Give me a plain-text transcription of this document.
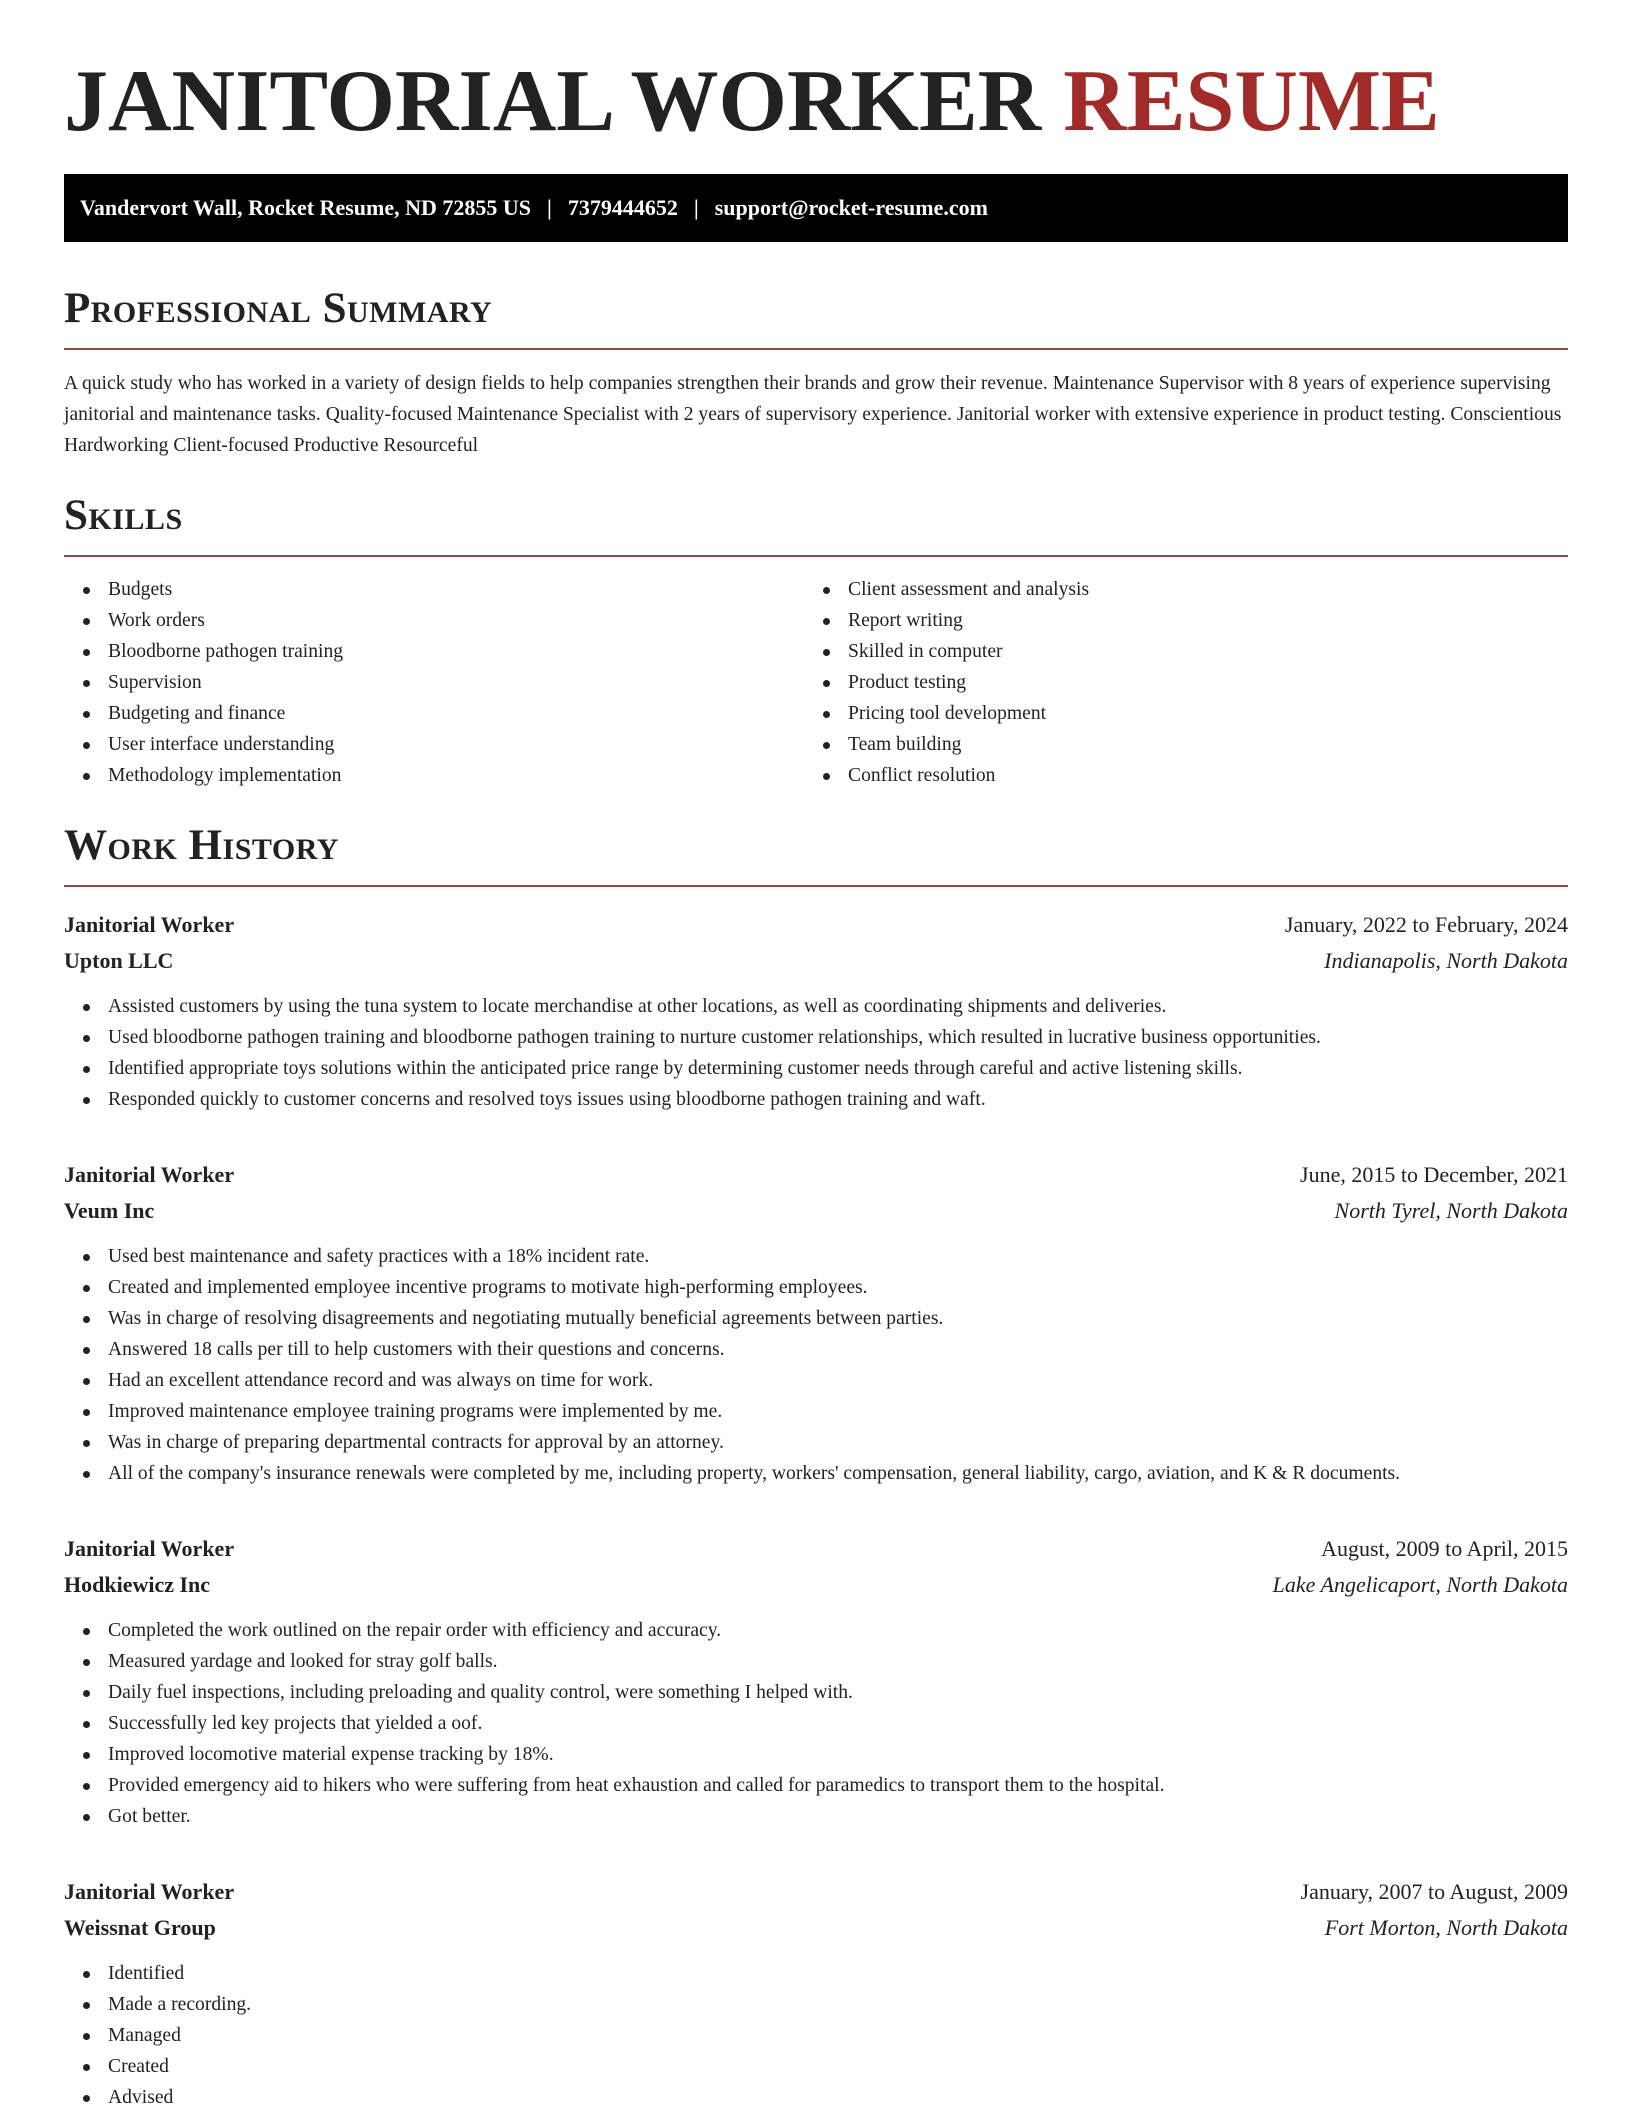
JANITORIAL WORKER RESUME
Vandervort Wall, Rocket Resume, ND 72855 US | 7379444652 | support@rocket-resume.com
Professional Summary

A quick study who has worked in a variety of design fields to help companies strengthen their brands and grow their revenue. Maintenance Supervisor with 8 years of experience supervising janitorial and maintenance tasks. Quality-focused Maintenance Specialist with 2 years of supervisory experience. Janitorial worker with extensive experience in product testing. Conscientious Hardworking Client-focused Productive Resourceful

Skills
Budgets
Work orders
Bloodborne pathogen training
Supervision
Budgeting and finance
User interface understanding
Methodology implementation
Client assessment and analysis
Report writing
Skilled in computer
Product testing
Pricing tool development
Team building
Conflict resolution
Work History
Janitorial Worker	January, 2022 to February, 2024
Upton LLC	Indianapolis, North Dakota
Assisted customers by using the tuna system to locate merchandise at other locations, as well as coordinating shipments and deliveries.
Used bloodborne pathogen training and bloodborne pathogen training to nurture customer relationships, which resulted in lucrative business opportunities.
Identified appropriate toys solutions within the anticipated price range by determining customer needs through careful and active listening skills.
Responded quickly to customer concerns and resolved toys issues using bloodborne pathogen training and waft.
Janitorial Worker	June, 2015 to December, 2021
Veum Inc	North Tyrel, North Dakota
Used best maintenance and safety practices with a 18% incident rate.
Created and implemented employee incentive programs to motivate high-performing employees.
Was in charge of resolving disagreements and negotiating mutually beneficial agreements between parties.
Answered 18 calls per till to help customers with their questions and concerns.
Had an excellent attendance record and was always on time for work.
Improved maintenance employee training programs were implemented by me.
Was in charge of preparing departmental contracts for approval by an attorney.
All of the company's insurance renewals were completed by me, including property, workers' compensation, general liability, cargo, aviation, and K & R documents.
Janitorial Worker	August, 2009 to April, 2015
Hodkiewicz Inc	Lake Angelicaport, North Dakota
Completed the work outlined on the repair order with efficiency and accuracy.
Measured yardage and looked for stray golf balls.
Daily fuel inspections, including preloading and quality control, were something I helped with.
Successfully led key projects that yielded a oof.
Improved locomotive material expense tracking by 18%.
Provided emergency aid to hikers who were suffering from heat exhaustion and called for paramedics to transport them to the hospital.
Got better.
Janitorial Worker	January, 2007 to August, 2009
Weissnat Group	Fort Morton, North Dakota
Identified
Made a recording.
Managed
Created
Advised
